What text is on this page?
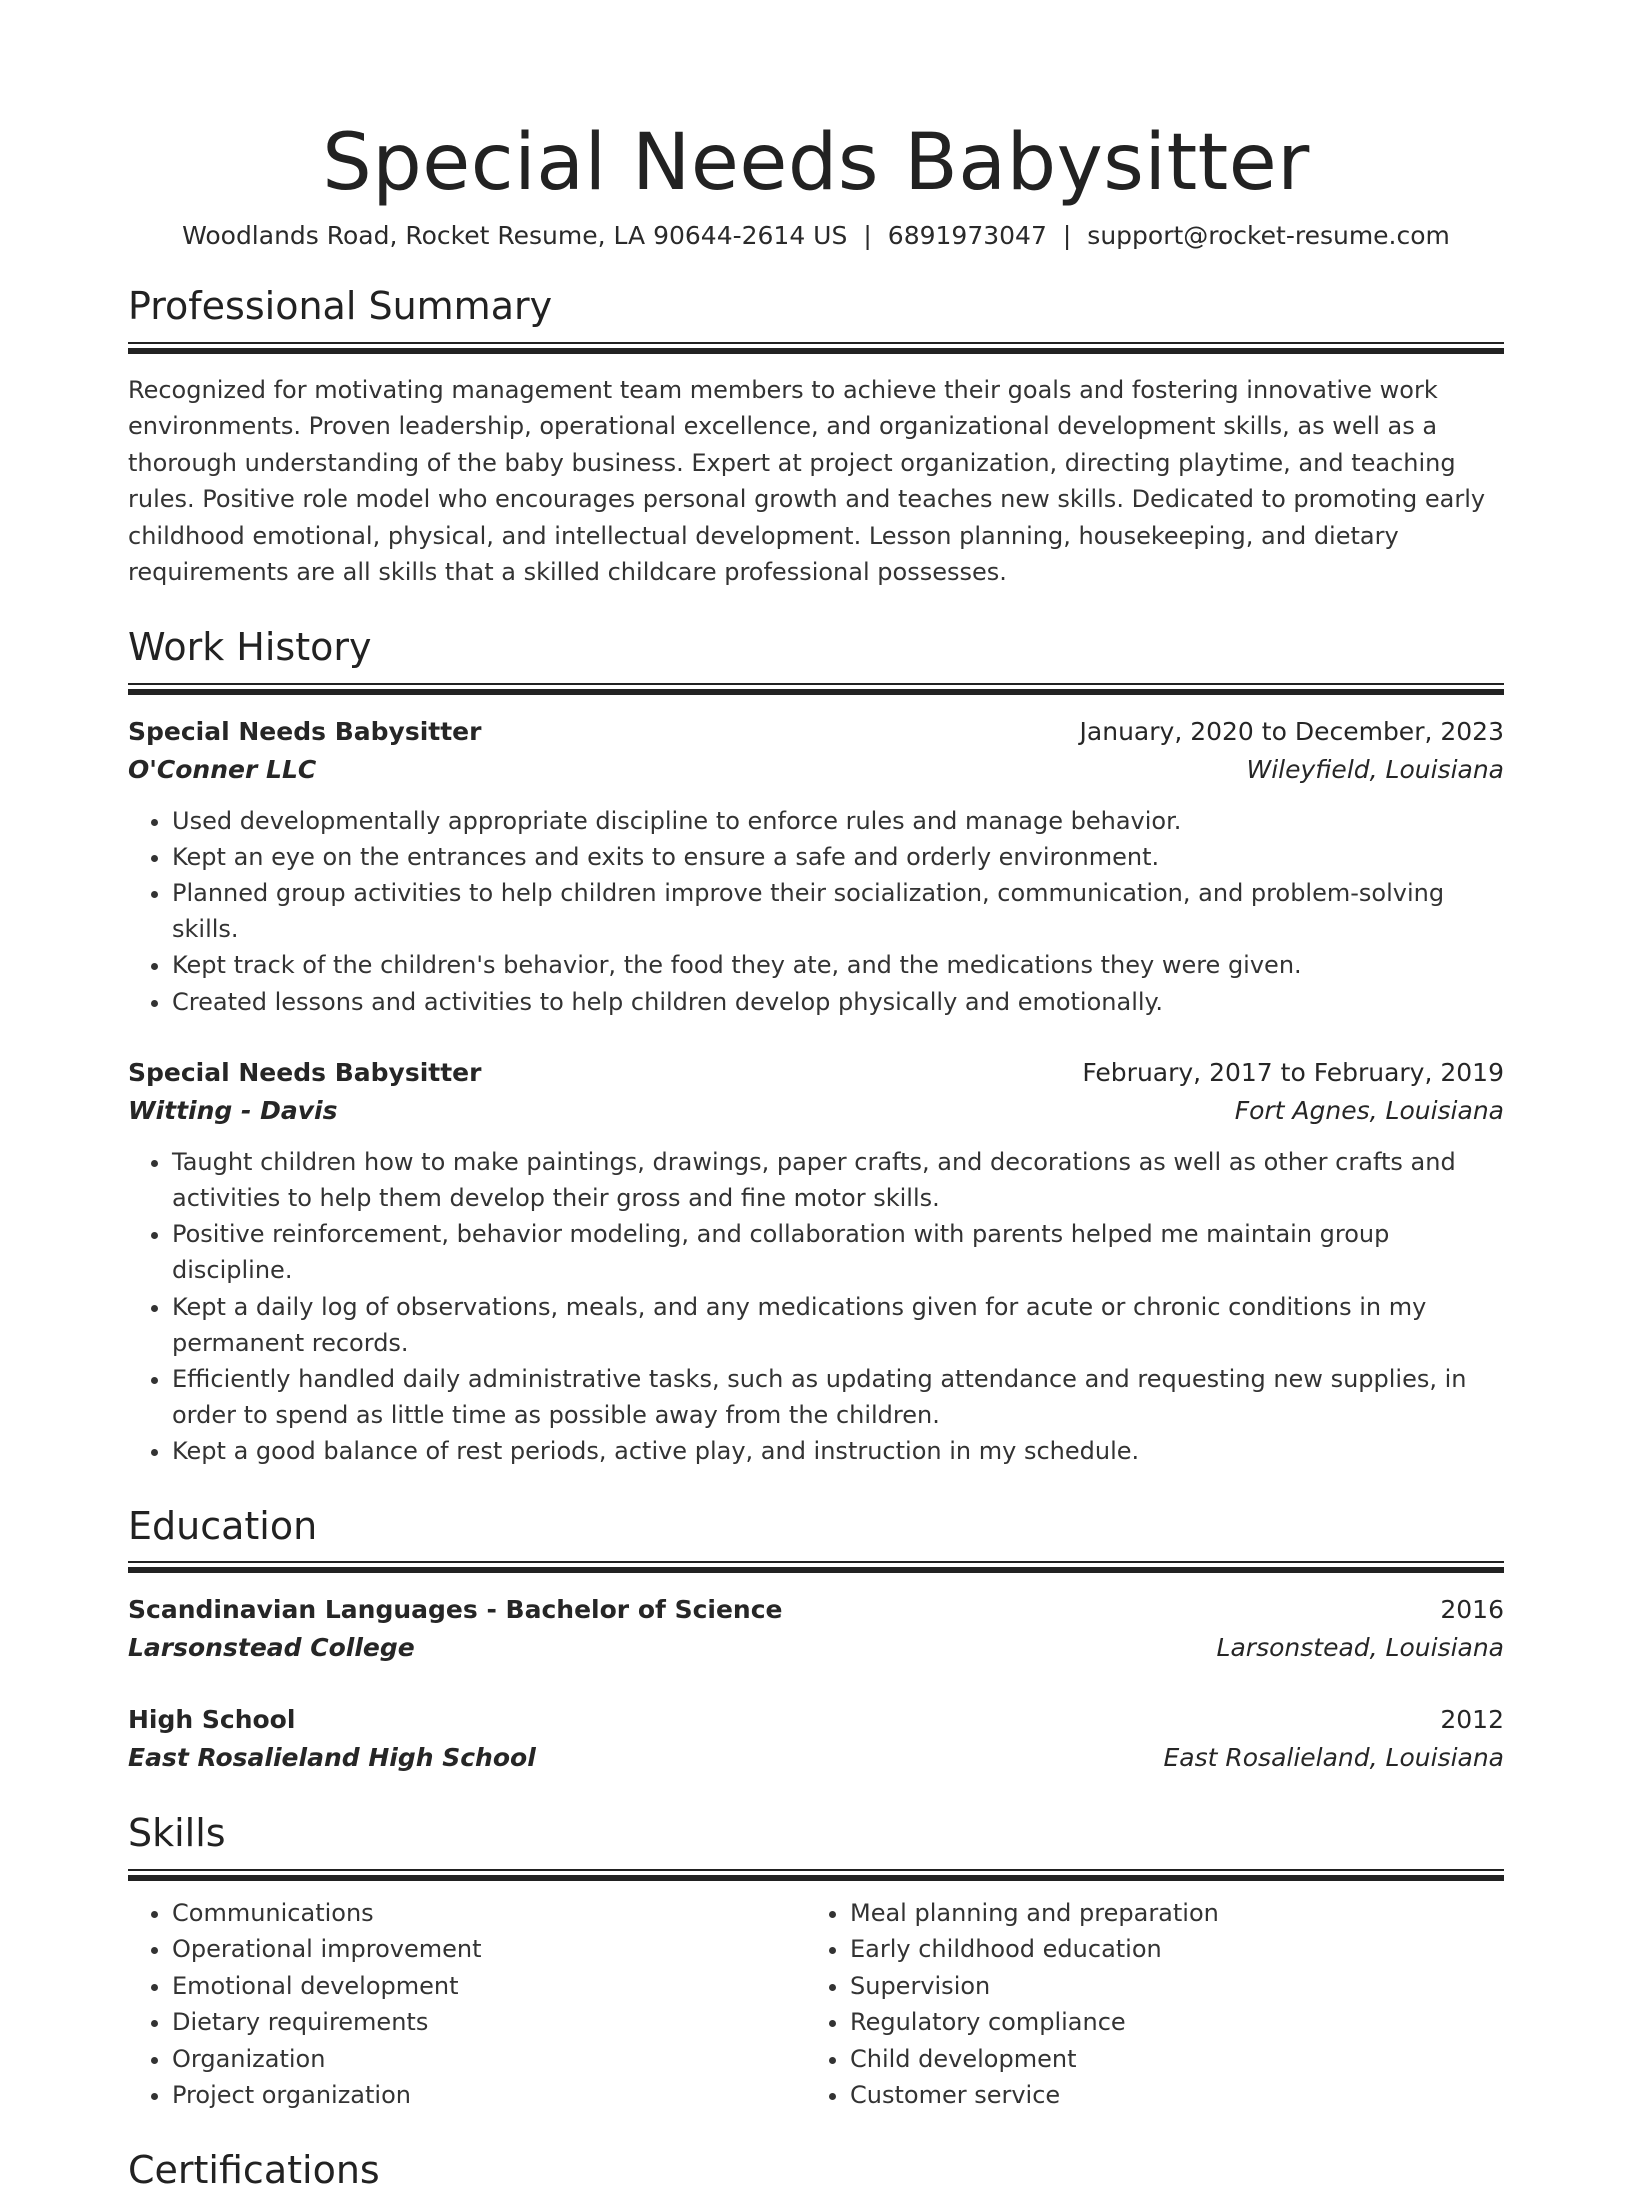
Special Needs Babysitter
Woodlands Road, Rocket Resume, LA 90644-2614 US | 6891973047 | support@rocket-resume.com
Professional Summary

Recognized for motivating management team members to achieve their goals and fostering innovative work environments. Proven leadership, operational excellence, and organizational development skills, as well as a thorough understanding of the baby business. Expert at project organization, directing playtime, and teaching rules. Positive role model who encourages personal growth and teaches new skills. Dedicated to promoting early childhood emotional, physical, and intellectual development. Lesson planning, housekeeping, and dietary requirements are all skills that a skilled childcare professional possesses.

Work History
Special Needs Babysitter	January, 2020 to December, 2023
O'Conner LLC	Wileyfield, Louisiana
• Used developmentally appropriate discipline to enforce rules and manage behavior.
• Kept an eye on the entrances and exits to ensure a safe and orderly environment.
• Planned group activities to help children improve their socialization, communication, and problem-solving skills.
• Kept track of the children's behavior, the food they ate, and the medications they were given.
• Created lessons and activities to help children develop physically and emotionally.
Special Needs Babysitter	February, 2017 to February, 2019
Witting - Davis	Fort Agnes, Louisiana
• Taught children how to make paintings, drawings, paper crafts, and decorations as well as other crafts and activities to help them develop their gross and fine motor skills.
• Positive reinforcement, behavior modeling, and collaboration with parents helped me maintain group discipline.
• Kept a daily log of observations, meals, and any medications given for acute or chronic conditions in my permanent records.
• Efficiently handled daily administrative tasks, such as updating attendance and requesting new supplies, in order to spend as little time as possible away from the children.
• Kept a good balance of rest periods, active play, and instruction in my schedule.
Education
Scandinavian Languages - Bachelor of Science	2016
Larsonstead College	Larsonstead, Louisiana
High School	2012
East Rosalieland High School	East Rosalieland, Louisiana
Skills
• Communications
• Operational improvement
• Emotional development
• Dietary requirements
• Organization
• Project organization
• Meal planning and preparation
• Early childhood education
• Supervision
• Regulatory compliance
• Child development
• Customer service
Certifications
